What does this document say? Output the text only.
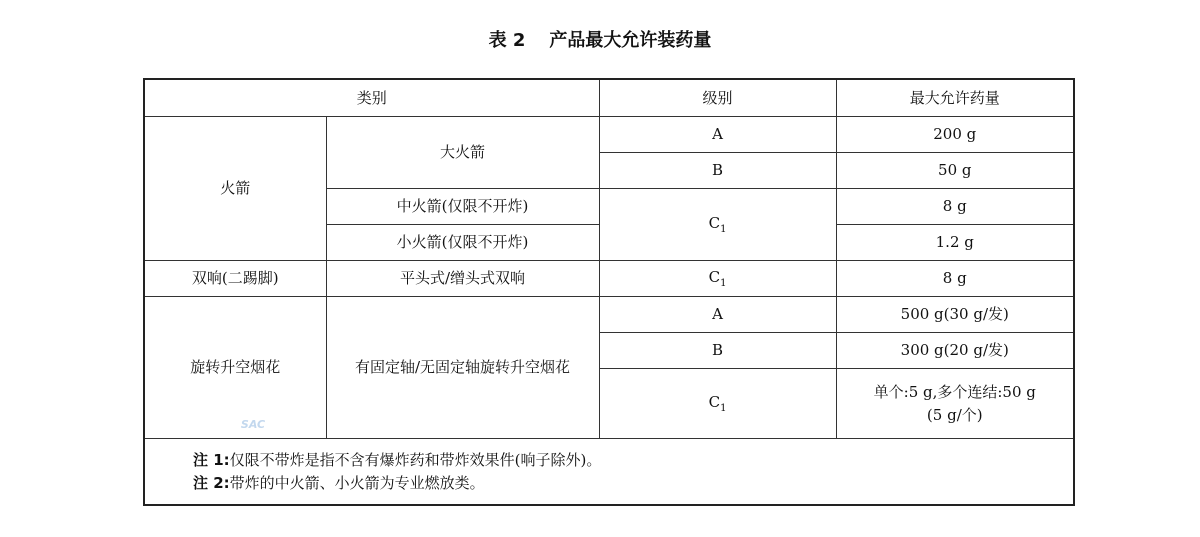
表 2 产品最大允许装药量
类别		级别	最大允许药量
火箭	大火箭	A	200 g
		B	50 g
	中火箭(仅限不开炸)	$C_1$	8 g
	小火箭(仅限不开炸)		1.2 g
双响(二踢脚)	平头式/缯头式双响	$C_1$	8 g
旋转升空烟花	有固定轴/无固定轴旋转升空烟花	A	500 g(30 g/发)
		B	300 g(20 g/发)
		$C_1$	单个:5 g,多个连结:50 g
(5 g/个)

注 1:仅限不带炸是指不含有爆炸药和带炸效果件(响子除外)。
注 2:带炸的中火箭、小火箭为专业燃放类。			
SAC
